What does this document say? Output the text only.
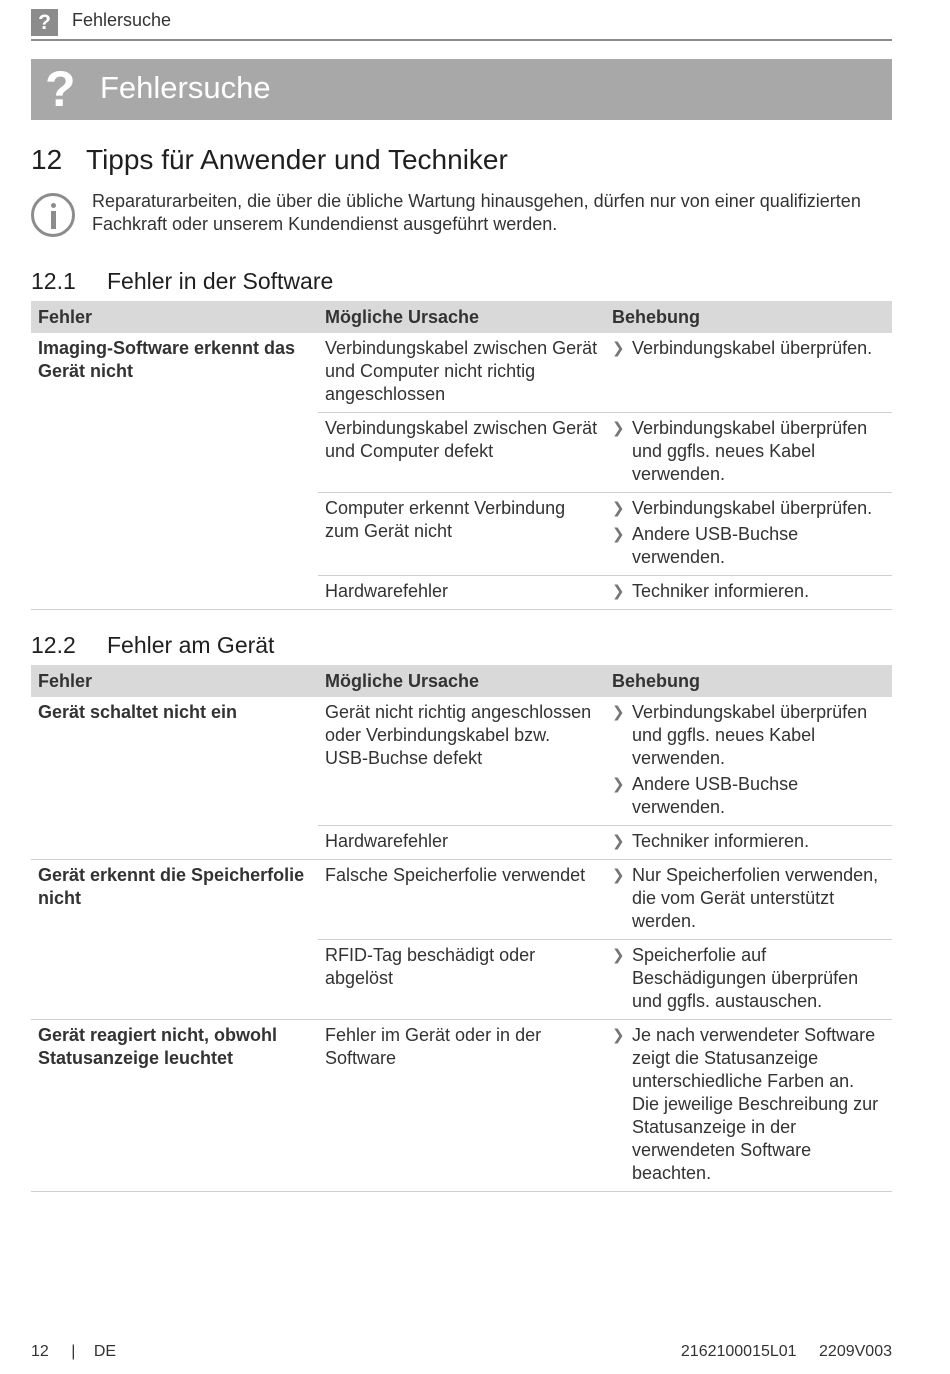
?	Fehlersuche
? Fehlersuche
12 Tipps für Anwender und Techniker
Reparaturarbeiten, die über die übliche Wartung hinausgehen, dürfen nur von einer qualifizierten Fachkraft oder unserem Kundendienst ausgeführt werden.
12.1 Fehler in der Software
Fehler	Mögliche Ursache	Behebung
Imaging-Software erkennt das Gerät nicht	Verbindungskabel zwischen Gerät und Computer nicht richtig angeschlossen	❯ Verbindungskabel überprüfen.

	Verbindungskabel zwischen Gerät und Computer defekt	❯ Verbindungskabel überprüfen und ggfls. neues Kabel verwenden.

	Computer erkennt Verbindung zum Gerät nicht	❯ Verbindungskabel überprüfen.
❯ Andere USB-Buchse verwenden.

	Hardwarefehler	❯ Techniker informieren.
12.2 Fehler am Gerät
Fehler	Mögliche Ursache	Behebung
Gerät schaltet nicht ein	Gerät nicht richtig angeschlossen oder Verbindungskabel bzw. USB-Buchse defekt	❯ Verbindungskabel überprüfen und ggfls. neues Kabel verwenden.
❯ Andere USB-Buchse verwenden.

	Hardwarefehler	❯ Techniker informieren.

Gerät erkennt die Speicherfolie nicht	Falsche Speicherfolie verwendet	❯ Nur Speicherfolien verwenden, die vom Gerät unterstützt werden.

	RFID-Tag beschädigt oder abgelöst	❯ Speicherfolie auf Beschädigungen überprüfen und ggfls. austauschen.

Gerät reagiert nicht, obwohl Statusanzeige leuchtet	Fehler im Gerät oder in der Software	❯ Je nach verwendeter Software zeigt die Statusanzeige unterschiedliche Farben an. Die jeweilige Beschreibung zur Statusanzeige in der verwendeten Software beachten.
12 | DE	2162100015L01 2209V003
